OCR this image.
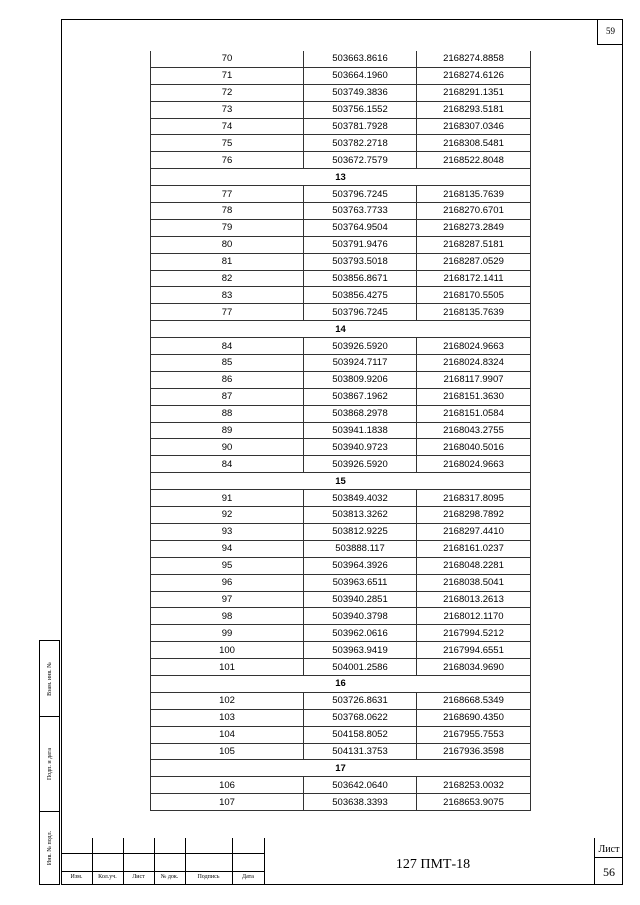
59
70	503663.8616	2168274.8858
71	503664.1960	2168274.6126
72	503749.3836	2168291.1351
73	503756.1552	2168293.5181
74	503781.7928	2168307.0346
75	503782.2718	2168308.5481
76	503672.7579	2168522.8048
13		
77	503796.7245	2168135.7639
78	503763.7733	2168270.6701
79	503764.9504	2168273.2849
80	503791.9476	2168287.5181
81	503793.5018	2168287.0529
82	503856.8671	2168172.1411
83	503856.4275	2168170.5505
77	503796.7245	2168135.7639
14		
84	503926.5920	2168024.9663
85	503924.7117	2168024.8324
86	503809.9206	2168117.9907
87	503867.1962	2168151.3630
88	503868.2978	2168151.0584
89	503941.1838	2168043.2755
90	503940.9723	2168040.5016
84	503926.5920	2168024.9663
15		
91	503849.4032	2168317.8095
92	503813.3262	2168298.7892
93	503812.9225	2168297.4410
94	503888.117	2168161.0237
95	503964.3926	2168048.2281
96	503963.6511	2168038.5041
97	503940.2851	2168013.2613
98	503940.3798	2168012.1170
99	503962.0616	2167994.5212
100	503963.9419	2167994.6551
101	504001.2586	2168034.9690
16		
102	503726.8631	2168668.5349
103	503768.0622	2168690.4350
104	504158.8052	2167955.7553
105	504131.3753	2167936.3598
17		
106	503642.0640	2168253.0032
107	503638.3393	2168653.9075
Взам. инв. №
Подп. и дата
Инв. № подл.
Изм.	Кол.уч.	Лист	№ док.	Подпись	Дата
127 ПМТ-18
Лист
56
